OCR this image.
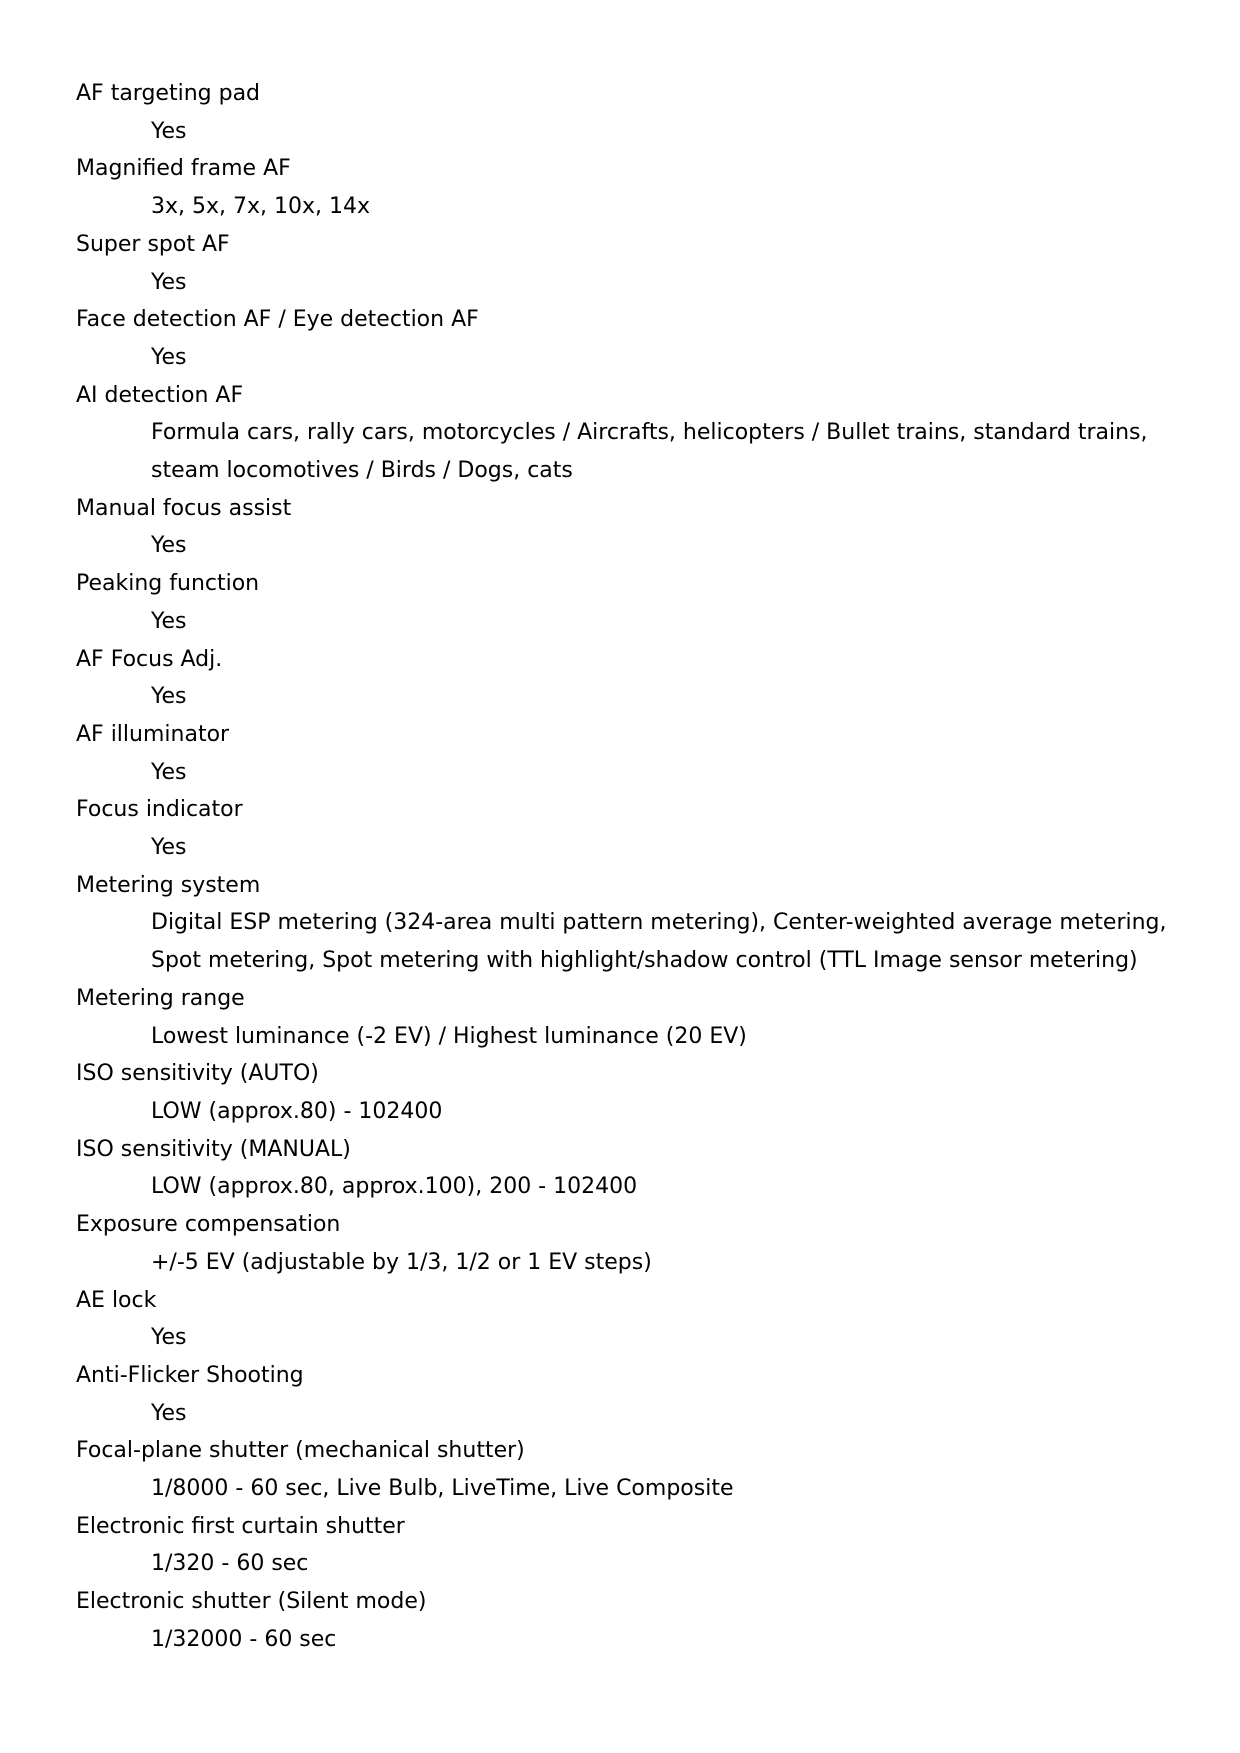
AF targeting pad

Yes

Magnified frame AF

3x, 5x, 7x, 10x, 14x

Super spot AF

Yes

Face detection AF / Eye detection AF

Yes

AI detection AF

Formula cars, rally cars, motorcycles / Aircrafts, helicopters / Bullet trains, standard trains, steam locomotives / Birds / Dogs, cats

Manual focus assist

Yes

Peaking function

Yes

AF Focus Adj.

Yes

AF illuminator

Yes

Focus indicator

Yes

Metering system

Digital ESP metering (324-area multi pattern metering), Center-weighted average metering, Spot metering, Spot metering with highlight/shadow control (TTL Image sensor metering)

Metering range

Lowest luminance (-2 EV) / Highest luminance (20 EV)

ISO sensitivity (AUTO)

LOW (approx.80) - 102400

ISO sensitivity (MANUAL)

LOW (approx.80, approx.100), 200 - 102400

Exposure compensation

+/-5 EV (adjustable by 1/3, 1/2 or 1 EV steps)

AE lock

Yes

Anti-Flicker Shooting

Yes

Focal-plane shutter (mechanical shutter)

1/8000 - 60 sec, Live Bulb, LiveTime, Live Composite

Electronic first curtain shutter

1/320 - 60 sec

Electronic shutter (Silent mode)

1/32000 - 60 sec
